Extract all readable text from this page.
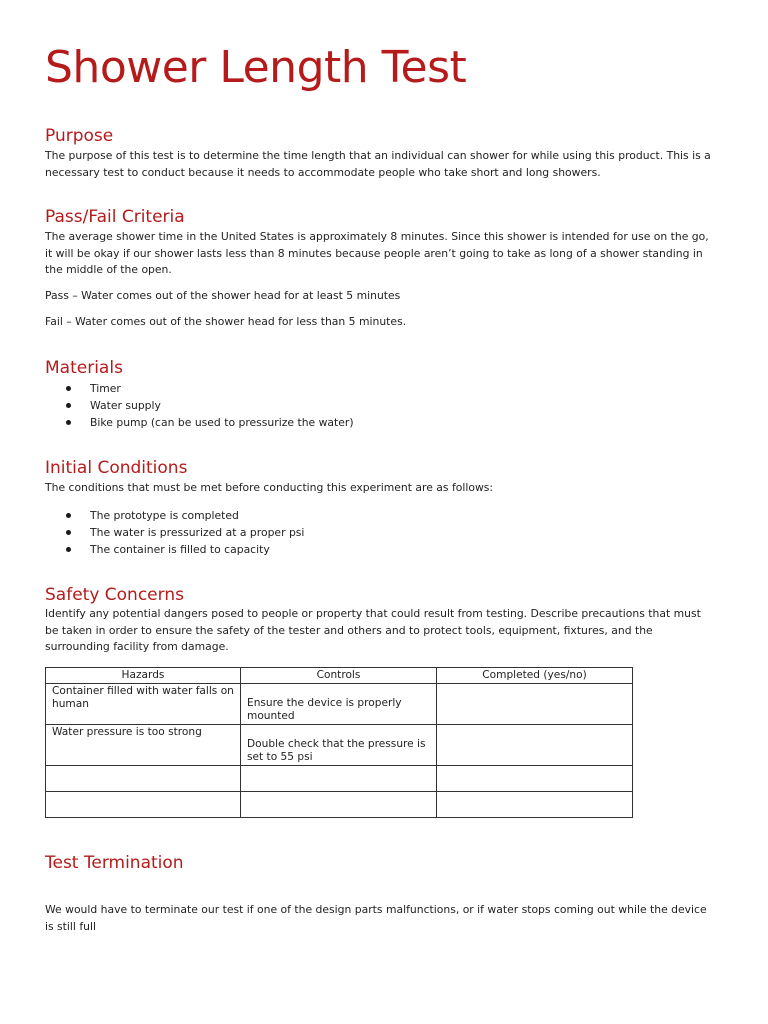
Shower Length Test
Purpose

The purpose of this test is to determine the time length that an individual can shower for while using this product. This is a necessary test to conduct because it needs to accommodate people who take short and long showers.

Pass/Fail Criteria

The average shower time in the United States is approximately 8 minutes. Since this shower is intended for use on the go, it will be okay if our shower lasts less than 8 minutes because people aren’t going to take as long of a shower standing in the middle of the open.

Pass – Water comes out of the shower head for at least 5 minutes

Fail – Water comes out of the shower head for less than 5 minutes.

Materials
Timer
Water supply
Bike pump (can be used to pressurize the water)
Initial Conditions

The conditions that must be met before conducting this experiment are as follows:

The prototype is completed
The water is pressurized at a proper psi
The container is filled to capacity
Safety Concerns

Identify any potential dangers posed to people or property that could result from testing. Describe precautions that must be taken in order to ensure the safety of the tester and others and to protect tools, equipment, fixtures, and the surrounding facility from damage.

Hazards	Controls	Completed (yes/no)
Container filled with water falls on human	Ensure the device is properly mounted	
Water pressure is too strong	Double check that the pressure is set to 55 psi	

Test Termination

We would have to terminate our test if one of the design parts malfunctions, or if water stops coming out while the device is still full
